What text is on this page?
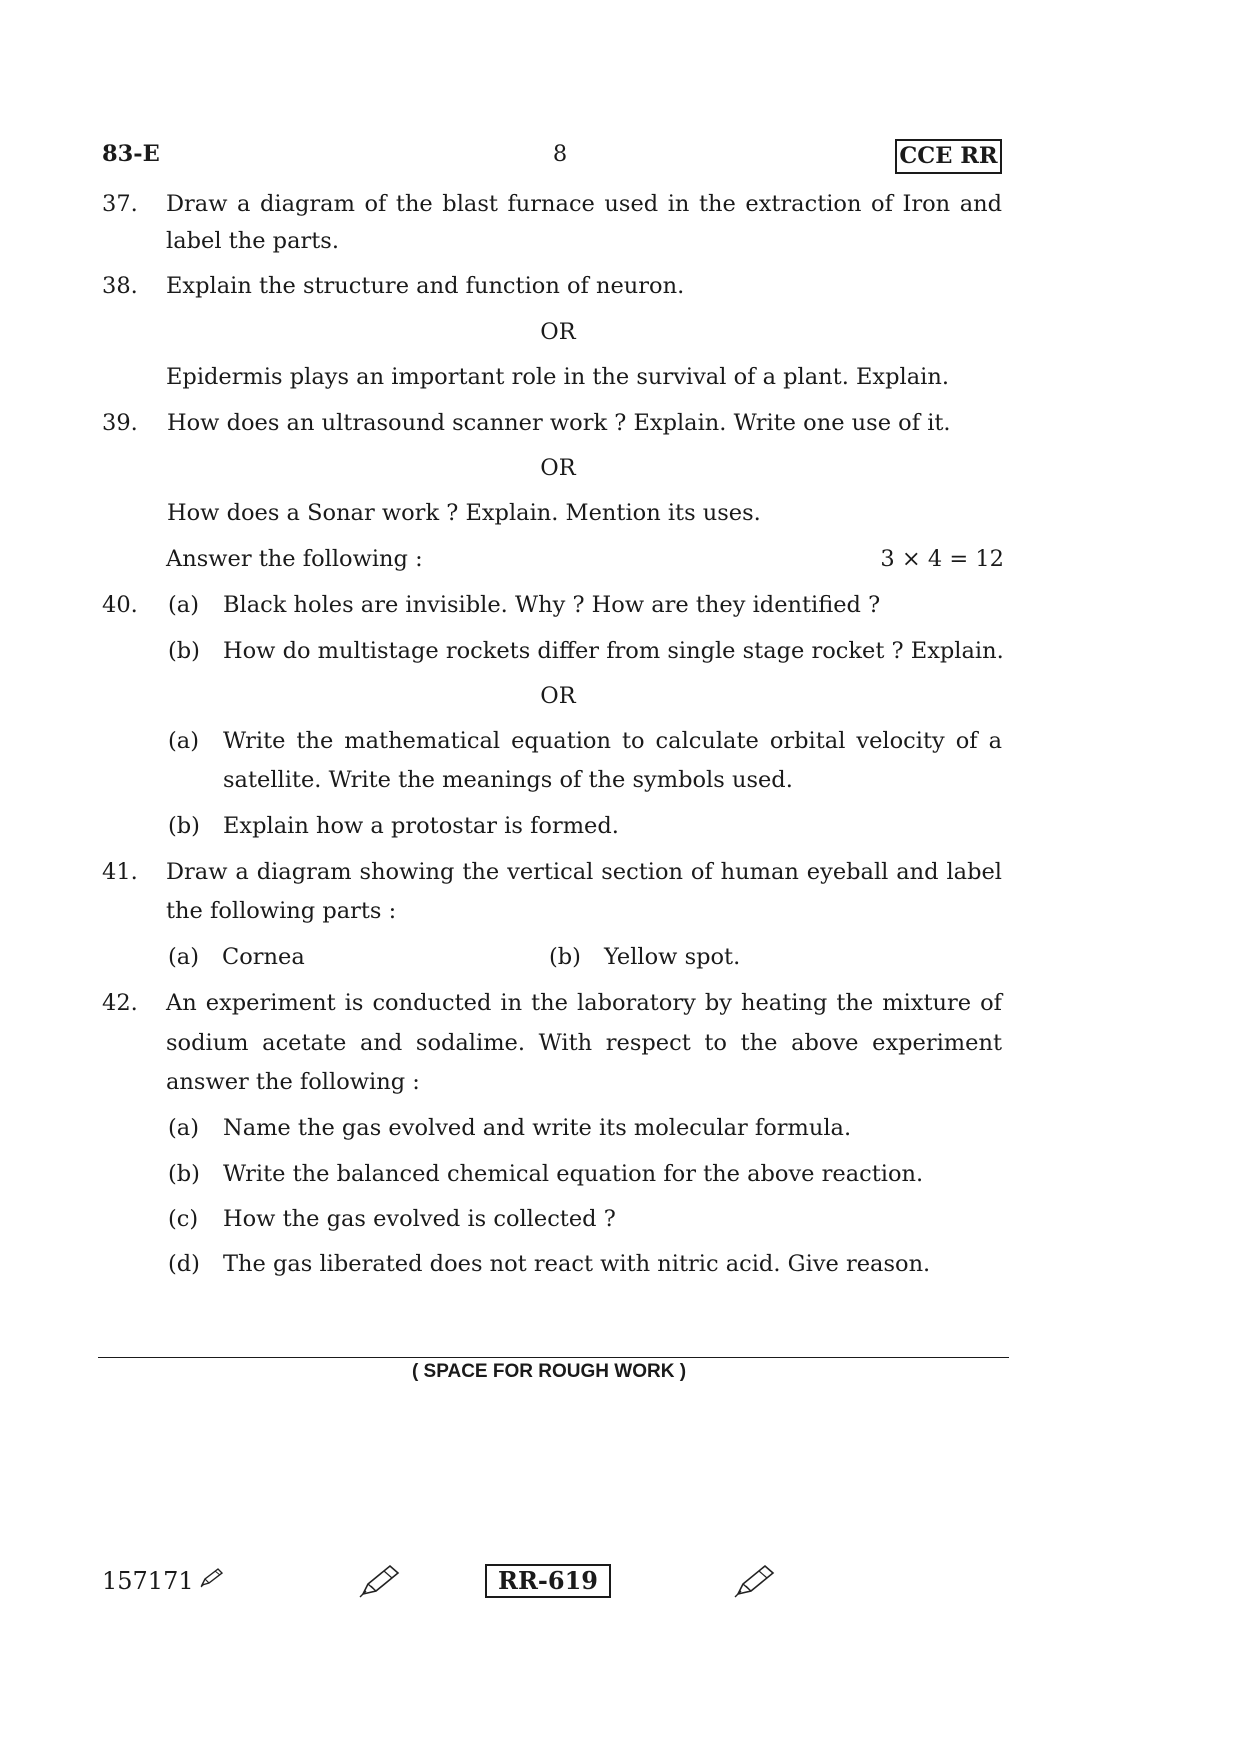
83-E	8	CCE RR
37. Draw a diagram of the blast furnace used in the extraction of Iron and
label the parts.
38. Explain the structure and function of neuron.
OR
Epidermis plays an important role in the survival of a plant. Explain.
39. How does an ultrasound scanner work ? Explain. Write one use of it.
OR
How does a Sonar work ? Explain. Mention its uses.
Answer the following :	3 × 4 = 12
40. (a) Black holes are invisible. Why ? How are they identified ?
(b) How do multistage rockets differ from single stage rocket ? Explain.
OR
(a) Write the mathematical equation to calculate orbital velocity of a
satellite. Write the meanings of the symbols used.
(b) Explain how a protostar is formed.
41. Draw a diagram showing the vertical section of human eyeball and label
the following parts :
(a) Cornea	(b) Yellow spot.
42. An experiment is conducted in the laboratory by heating the mixture of
sodium acetate and sodalime. With respect to the above experiment
answer the following :
(a) Name the gas evolved and write its molecular formula.
(b) Write the balanced chemical equation for the above reaction.
(c) How the gas evolved is collected ?
(d) The gas liberated does not react with nitric acid. Give reason.
( SPACE FOR ROUGH WORK )
157171	RR-619
